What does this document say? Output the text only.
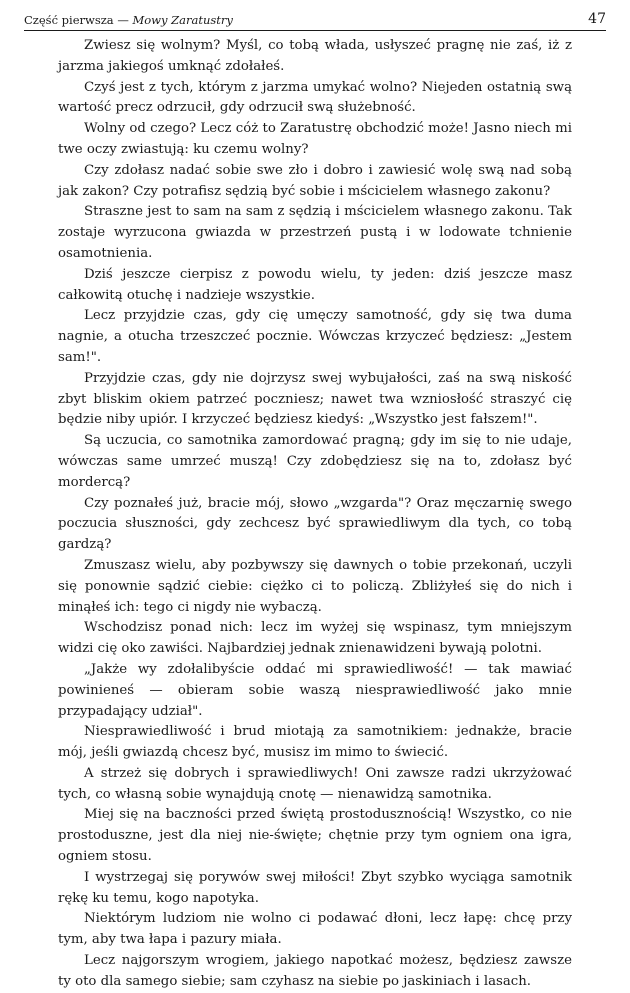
Część pierwsza — Mowy Zaratustry	47

Zwiesz się wolnym? Myśl, co tobą włada, usłyszeć pragnę nie zaś, iż z jarzma jakiegoś umknąć zdołałeś.

Czyś jest z tych, którym z jarzma umykać wolno? Niejeden ostatnią swą wartość precz odrzucił, gdy odrzucił swą służebność.

Wolny od czego? Lecz cóż to Zaratustrę obchodzić może! Jasno niech mi twe oczy zwiastują: ku czemu wolny?

Czy zdołasz nadać sobie swe zło i dobro i zawiesić wolę swą nad sobą jak zakon? Czy potrafisz sędzią być sobie i mścicielem własnego zakonu?

Straszne jest to sam na sam z sędzią i mścicielem własnego zakonu. Tak zostaje wyrzucona gwiazda w przestrzeń pustą i w lodowate tchnienie osamotnienia.

Dziś jeszcze cierpisz z powodu wielu, ty jeden: dziś jeszcze masz całkowitą otuchę i nadzieje wszystkie.

Lecz przyjdzie czas, gdy cię umęczy samotność, gdy się twa duma nagnie, a otucha trzeszczeć pocznie. Wówczas krzyczeć będziesz: „Jestem sam!".

Przyjdzie czas, gdy nie dojrzysz swej wybujałości, zaś na swą niskość zbyt bliskim okiem patrzeć poczniesz; nawet twa wzniosłość straszyć cię będzie niby upiór. I krzyczeć będziesz kiedyś: „Wszystko jest fałszem!".

Są uczucia, co samotnika zamordować pragną; gdy im się to nie udaje, wówczas same umrzeć muszą! Czy zdobędziesz się na to, zdołasz być mordercą?

Czy poznałeś już, bracie mój, słowo „wzgarda"? Oraz męczarnię swego poczucia słuszności, gdy zechcesz być sprawiedliwym dla tych, co tobą gardzą?

Zmuszasz wielu, aby pozbywszy się dawnych o tobie przekonań, uczyli się ponownie sądzić ciebie: ciężko ci to policzą. Zbliżyłeś się do nich i minąłeś ich: tego ci nigdy nie wybaczą.

Wschodzisz ponad nich: lecz im wyżej się wspinasz, tym mniejszym widzi cię oko zawiści. Najbardziej jednak znienawidzeni bywają polotni.

„Jakże wy zdołalibyście oddać mi sprawiedliwość! — tak mawiać powinieneś — obieram sobie waszą niesprawiedliwość jako mnie przypadający udział".

Niesprawiedliwość i brud miotają za samotnikiem: jednakże, bracie mój, jeśli gwiazdą chcesz być, musisz im mimo to świecić.

A strzeż się dobrych i sprawiedliwych! Oni zawsze radzi ukrzyżować tych, co własną sobie wynajdują cnotę — nienawidzą samotnika.

Miej się na baczności przed świętą prostodusznością! Wszystko, co nie prostoduszne, jest dla niej nie-święte; chętnie przy tym ogniem ona igra, ogniem stosu.

I wystrzegaj się porywów swej miłości! Zbyt szybko wyciąga samotnik rękę ku temu, kogo napotyka.

Niektórym ludziom nie wolno ci podawać dłoni, lecz łapę: chcę przy tym, aby twa łapa i pazury miała.

Lecz najgorszym wrogiem, jakiego napotkać możesz, będziesz zawsze ty oto dla samego siebie; sam czyhasz na siebie po jaskiniach i lasach.
